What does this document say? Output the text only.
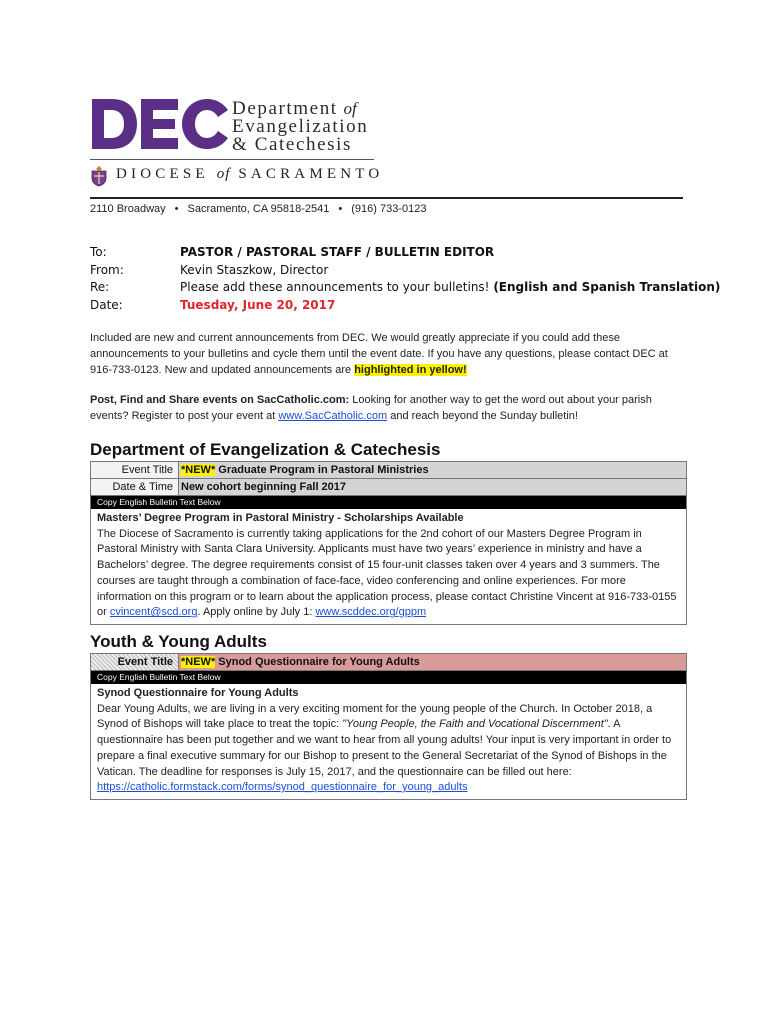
Department of
Evangelization
& Catechesis
DIOCESE of SACRAMENTO
2110 Broadway • Sacramento, CA 95818-2541 • (916) 733-0123
To:	PASTOR / PASTORAL STAFF / BULLETIN EDITOR
From:	Kevin Staszkow, Director
Re:	Please add these announcements to your bulletins! (English and Spanish Translation)
Date:	Tuesday, June 20, 2017
Included are new and current announcements from DEC. We would greatly appreciate if you could add these announcements to your bulletins and cycle them until the event date. If you have any questions, please contact DEC at 916-733-0123. New and updated announcements are highlighted in yellow!
Post, Find and Share events on SacCatholic.com: Looking for another way to get the word out about your parish events? Register to post your event at www.SacCatholic.com and reach beyond the Sunday bulletin!
Department of Evangelization & Catechesis
Event Title *NEW* Graduate Program in Pastoral Ministries
Date & Time New cohort beginning Fall 2017
Copy English Bulletin Text Below
Masters’ Degree Program in Pastoral Ministry - Scholarships Available
The Diocese of Sacramento is currently taking applications for the 2nd cohort of our Masters Degree Program in Pastoral Ministry with Santa Clara University. Applicants must have two years’ experience in ministry and have a Bachelors’ degree. The degree requirements consist of 15 four-unit classes taken over 4 years and 3 summers. The courses are taught through a combination of face-face, video conferencing and online experiences. For more information on this program or to learn about the application process, please contact Christine Vincent at 916-733-0155 or cvincent@scd.org. Apply online by July 1: www.scddec.org/gppm
Youth & Young Adults
Event Title *NEW* Synod Questionnaire for Young Adults
Copy English Bulletin Text Below
Synod Questionnaire for Young Adults
Dear Young Adults, we are living in a very exciting moment for the young people of the Church. In October 2018, a Synod of Bishops will take place to treat the topic: "Young People, the Faith and Vocational Discernment". A questionnaire has been put together and we want to hear from all young adults! Your input is very important in order to prepare a final executive summary for our Bishop to present to the General Secretariat of the Synod of Bishops in the Vatican. The deadline for responses is July 15, 2017, and the questionnaire can be filled out here: https://catholic.formstack.com/forms/synod_questionnaire_for_young_adults
